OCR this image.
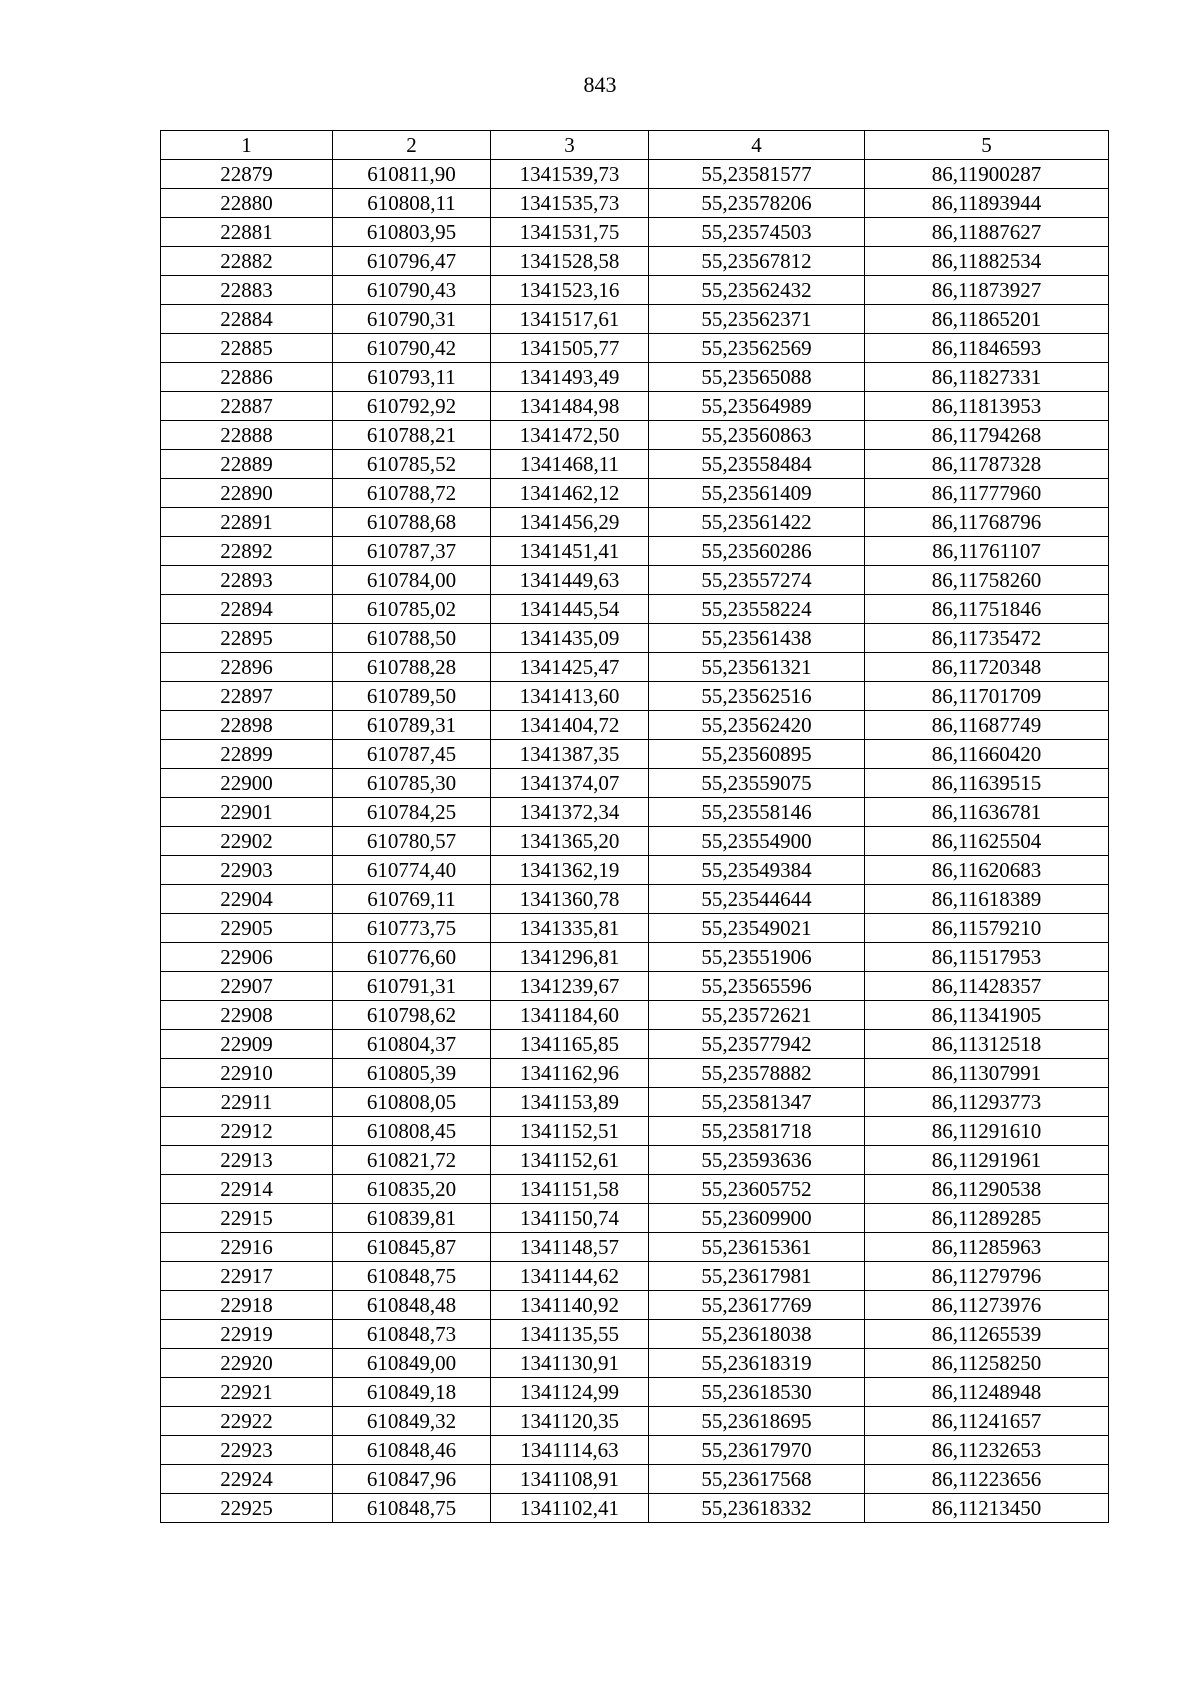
843
1	2	3	4	5
22879	610811,90	1341539,73	55,23581577	86,11900287
22880	610808,11	1341535,73	55,23578206	86,11893944
22881	610803,95	1341531,75	55,23574503	86,11887627
22882	610796,47	1341528,58	55,23567812	86,11882534
22883	610790,43	1341523,16	55,23562432	86,11873927
22884	610790,31	1341517,61	55,23562371	86,11865201
22885	610790,42	1341505,77	55,23562569	86,11846593
22886	610793,11	1341493,49	55,23565088	86,11827331
22887	610792,92	1341484,98	55,23564989	86,11813953
22888	610788,21	1341472,50	55,23560863	86,11794268
22889	610785,52	1341468,11	55,23558484	86,11787328
22890	610788,72	1341462,12	55,23561409	86,11777960
22891	610788,68	1341456,29	55,23561422	86,11768796
22892	610787,37	1341451,41	55,23560286	86,11761107
22893	610784,00	1341449,63	55,23557274	86,11758260
22894	610785,02	1341445,54	55,23558224	86,11751846
22895	610788,50	1341435,09	55,23561438	86,11735472
22896	610788,28	1341425,47	55,23561321	86,11720348
22897	610789,50	1341413,60	55,23562516	86,11701709
22898	610789,31	1341404,72	55,23562420	86,11687749
22899	610787,45	1341387,35	55,23560895	86,11660420
22900	610785,30	1341374,07	55,23559075	86,11639515
22901	610784,25	1341372,34	55,23558146	86,11636781
22902	610780,57	1341365,20	55,23554900	86,11625504
22903	610774,40	1341362,19	55,23549384	86,11620683
22904	610769,11	1341360,78	55,23544644	86,11618389
22905	610773,75	1341335,81	55,23549021	86,11579210
22906	610776,60	1341296,81	55,23551906	86,11517953
22907	610791,31	1341239,67	55,23565596	86,11428357
22908	610798,62	1341184,60	55,23572621	86,11341905
22909	610804,37	1341165,85	55,23577942	86,11312518
22910	610805,39	1341162,96	55,23578882	86,11307991
22911	610808,05	1341153,89	55,23581347	86,11293773
22912	610808,45	1341152,51	55,23581718	86,11291610
22913	610821,72	1341152,61	55,23593636	86,11291961
22914	610835,20	1341151,58	55,23605752	86,11290538
22915	610839,81	1341150,74	55,23609900	86,11289285
22916	610845,87	1341148,57	55,23615361	86,11285963
22917	610848,75	1341144,62	55,23617981	86,11279796
22918	610848,48	1341140,92	55,23617769	86,11273976
22919	610848,73	1341135,55	55,23618038	86,11265539
22920	610849,00	1341130,91	55,23618319	86,11258250
22921	610849,18	1341124,99	55,23618530	86,11248948
22922	610849,32	1341120,35	55,23618695	86,11241657
22923	610848,46	1341114,63	55,23617970	86,11232653
22924	610847,96	1341108,91	55,23617568	86,11223656
22925	610848,75	1341102,41	55,23618332	86,11213450
